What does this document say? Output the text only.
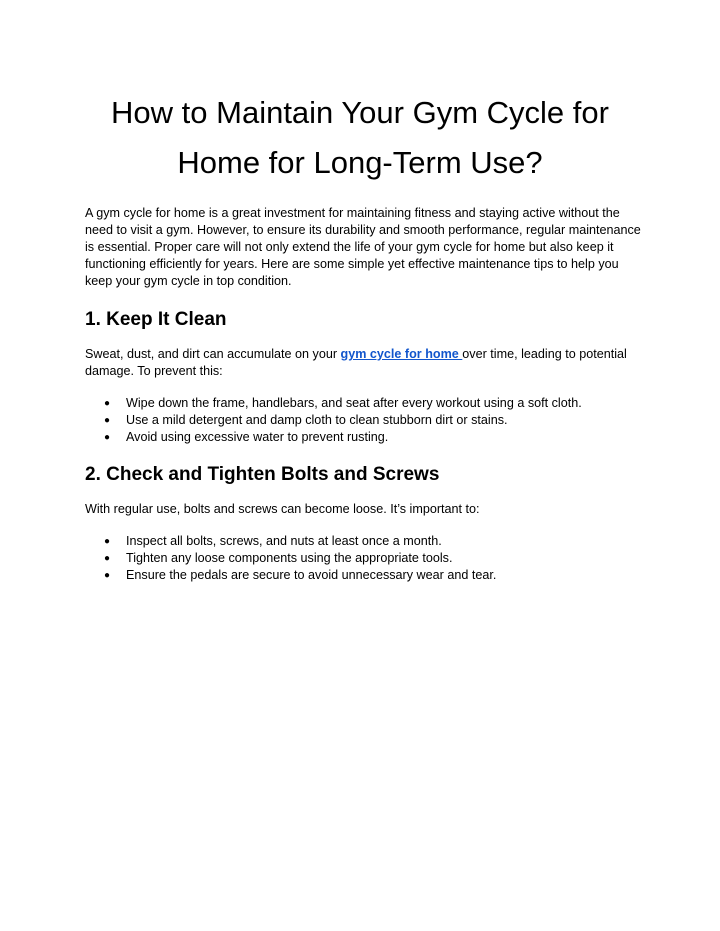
How to Maintain Your Gym Cycle for
Home for Long-Term Use?

A gym cycle for home is a great investment for maintaining fitness and staying active without the need to visit a gym. However, to ensure its durability and smooth performance, regular maintenance is essential. Proper care will not only extend the life of your gym cycle for home but also keep it functioning efficiently for years. Here are some simple yet effective maintenance tips to help you keep your gym cycle in top condition.

1. Keep It Clean

Sweat, dust, and dirt can accumulate on your gym cycle for home over time, leading to potential damage. To prevent this:

● Wipe down the frame, handlebars, and seat after every workout using a soft cloth.
● Use a mild detergent and damp cloth to clean stubborn dirt or stains.
● Avoid using excessive water to prevent rusting.
2. Check and Tighten Bolts and Screws

With regular use, bolts and screws can become loose. It’s important to:

● Inspect all bolts, screws, and nuts at least once a month.
● Tighten any loose components using the appropriate tools.
● Ensure the pedals are secure to avoid unnecessary wear and tear.
